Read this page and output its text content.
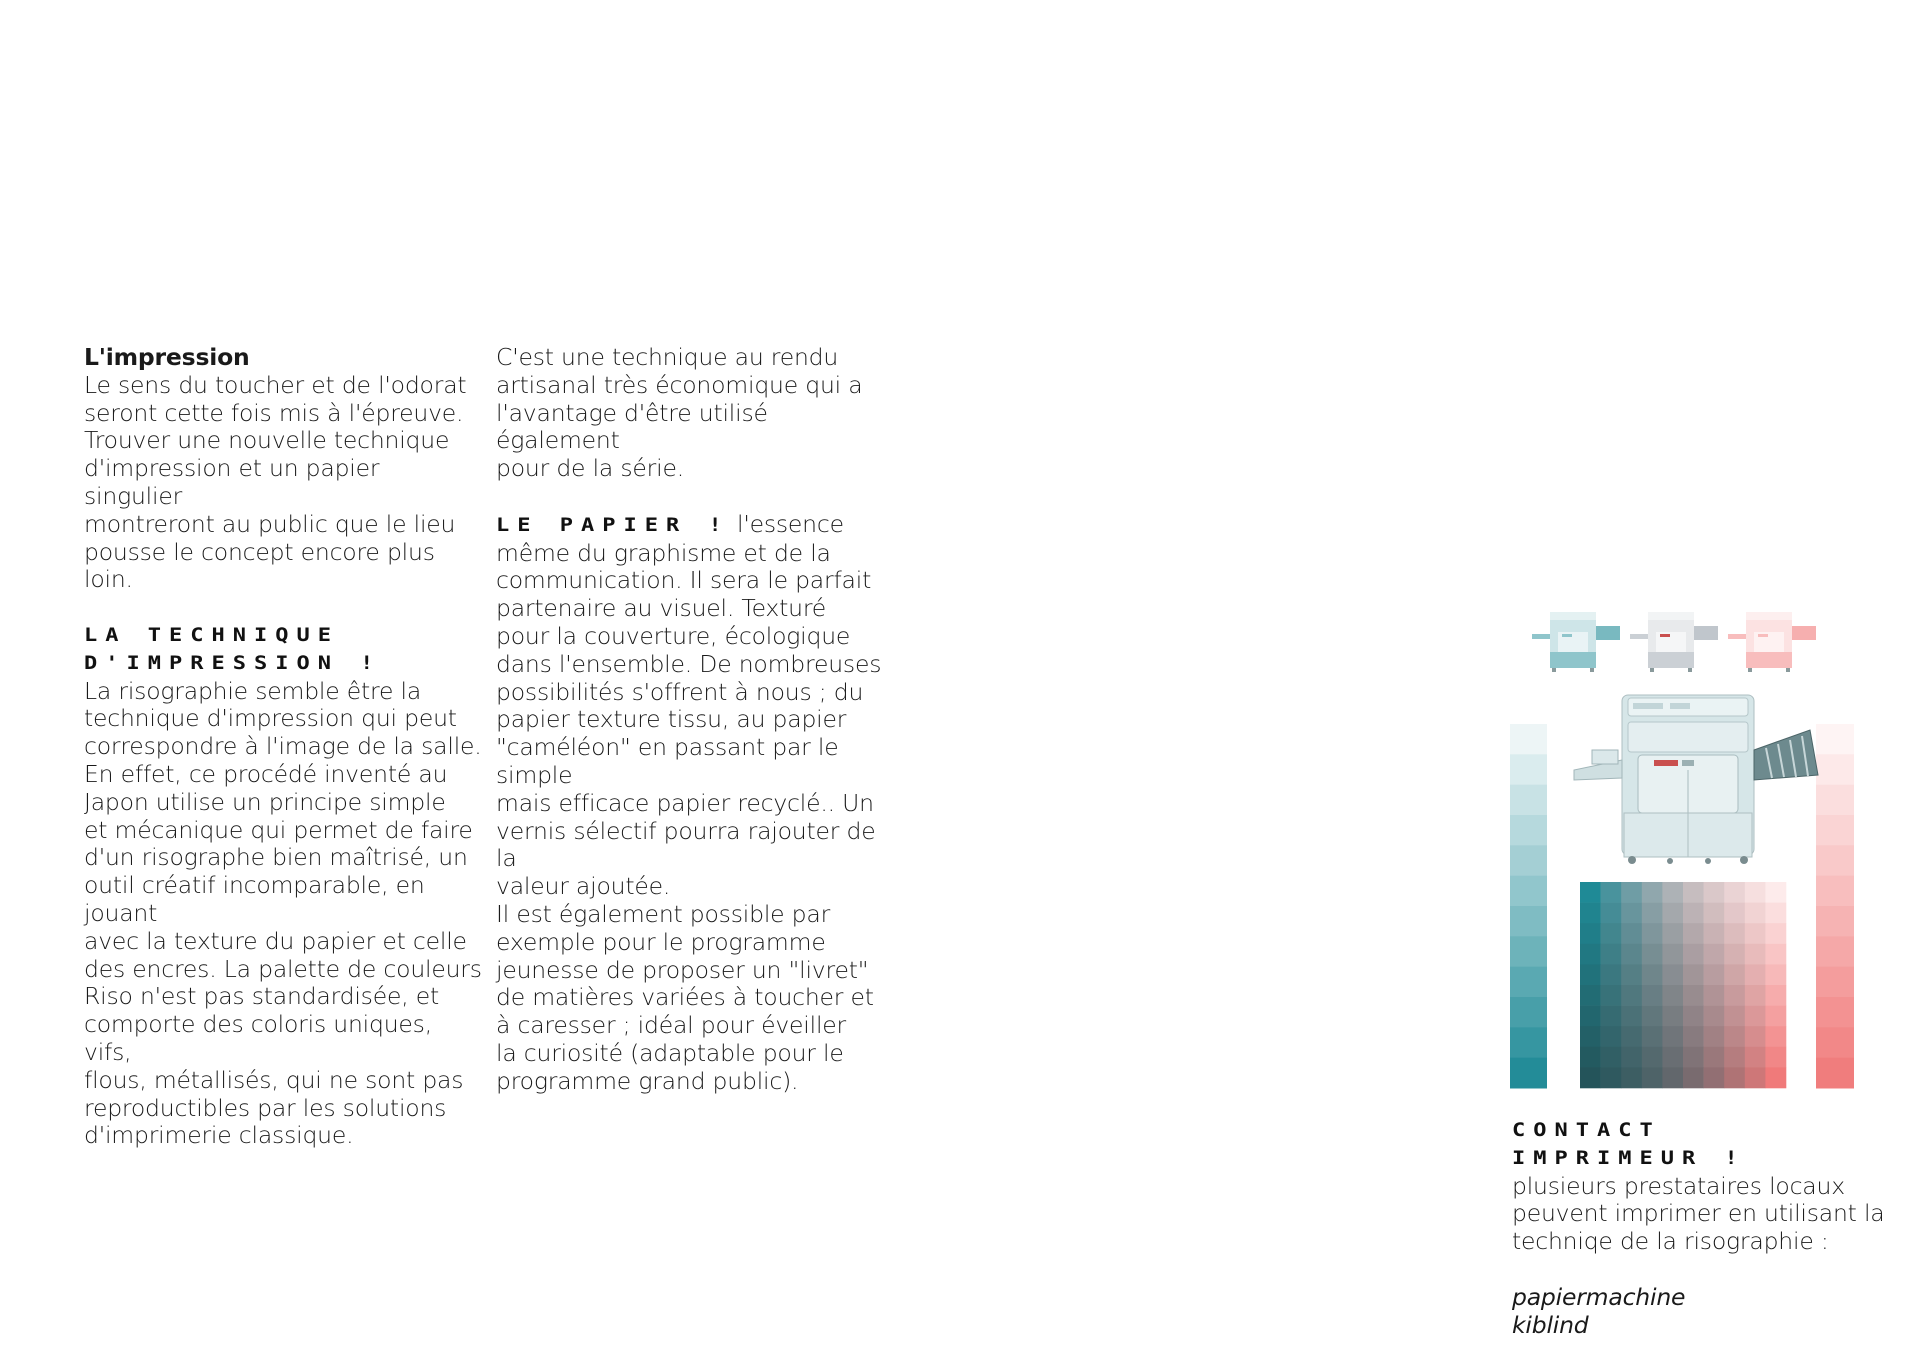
L'impression

Le sens du toucher et de l'odorat
seront cette fois mis à l'épreuve.
Trouver une nouvelle technique
d'impression et un papier singulier
montreront au public que le lieu
pousse le concept encore plus loin.

LA TECHNIQUE
D'IMPRESSION !

La risographie semble être la
technique d'impression qui peut
correspondre à l'image de la salle.
En effet, ce procédé inventé au
Japon utilise un principe simple
et mécanique qui permet de faire
d'un risographe bien maîtrisé, un
outil créatif incomparable, en jouant
avec la texture du papier et celle
des encres. La palette de couleurs
Riso n'est pas standardisée, et
comporte des coloris uniques, vifs,
flous, métallisés, qui ne sont pas
reproductibles par les solutions
d'imprimerie classique.

C'est une technique au rendu
artisanal très économique qui a
l'avantage d'être utilisé également
pour de la série.

LE PAPIER ! l'essence

même du graphisme et de la
communication. Il sera le parfait
partenaire au visuel. Texturé
pour la couverture, écologique
dans l'ensemble. De nombreuses
possibilités s'offrent à nous ; du
papier texture tissu, au papier
"caméléon" en passant par le simple
mais efficace papier recyclé.. Un
vernis sélectif pourra rajouter de la
valeur ajoutée.
Il est également possible par
exemple pour le programme
jeunesse de proposer un "livret"
de matières variées à toucher et
à caresser ; idéal pour éveiller
la curiosité (adaptable pour le
programme grand public).

CONTACT
IMPRIMEUR !

plusieurs prestataires locaux
peuvent imprimer en utilisant la
techniqe de la risographie :

papiermachine

kiblind
